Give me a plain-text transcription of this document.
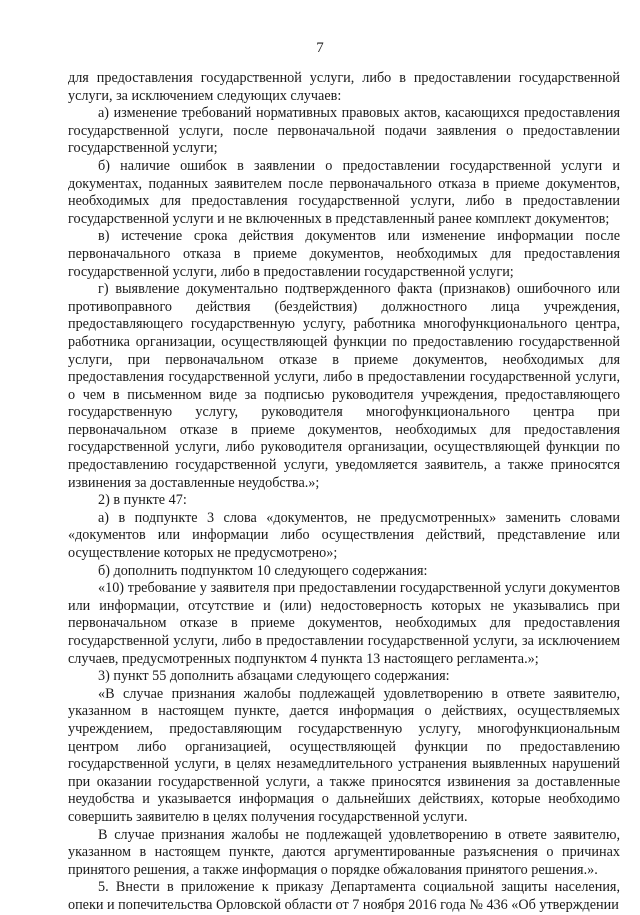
7

для предоставления государственной услуги, либо в предоставлении государственной услуги, за исключением следующих случаев:

а) изменение требований нормативных правовых актов, касающихся предоставления государственной услуги, после первоначальной подачи заявления о предоставлении государственной услуги;

б) наличие ошибок в заявлении о предоставлении государственной услуги и документах, поданных заявителем после первоначального отказа в приеме документов, необходимых для предоставления государственной услуги, либо в предоставлении государственной услуги и не включенных в представленный ранее комплект документов;

в) истечение срока действия документов или изменение информации после первоначального отказа в приеме документов, необходимых для предоставления государственной услуги, либо в предоставлении государственной услуги;

г) выявление документально подтвержденного факта (признаков) ошибочного или противоправного действия (бездействия) должностного лица учреждения, предоставляющего государственную услугу, работника многофункционального центра, работника организации, осуществляющей функции по предоставлению государственной услуги, при первоначальном отказе в приеме документов, необходимых для предоставления государственной услуги, либо в предоставлении государственной услуги, о чем в письменном виде за подписью руководителя учреждения, предоставляющего государственную услугу, руководителя многофункционального центра при первоначальном отказе в приеме документов, необходимых для предоставления государственной услуги, либо руководителя организации, осуществляющей функции по предоставлению государственной услуги, уведомляется заявитель, а также приносятся извинения за доставленные неудобства.»;

2) в пункте 47:

а) в подпункте 3 слова «документов, не предусмотренных» заменить словами «документов или информации либо осуществления действий, представление или осуществление которых не предусмотрено»;

б) дополнить подпунктом 10 следующего содержания:

«10) требование у заявителя при предоставлении государственной услуги документов или информации, отсутствие и (или) недостоверность которых не указывались при первоначальном отказе в приеме документов, необходимых для предоставления государственной услуги, либо в предоставлении государственной услуги, за исключением случаев, предусмотренных подпунктом 4 пункта 13 настоящего регламента.»;

3) пункт 55 дополнить абзацами следующего содержания:

«В случае признания жалобы подлежащей удовлетворению в ответе заявителю, указанном в настоящем пункте, дается информация о действиях, осуществляемых учреждением, предоставляющим государственную услугу, многофункциональным центром либо организацией, осуществляющей функции по предоставлению государственной услуги, в целях незамедлительного устранения выявленных нарушений при оказании государственной услуги, а также приносятся извинения за доставленные неудобства и указывается информация о дальнейших действиях, которые необходимо совершить заявителю в целях получения государственной услуги.

В случае признания жалобы не подлежащей удовлетворению в ответе заявителю, указанном в настоящем пункте, даются аргументированные разъяснения о причинах принятого решения, а также информация о порядке обжалования принятого решения.».

5. Внести в приложение к приказу Департамента социальной защиты населения, опеки и попечительства Орловской области от 7 ноября 2016 года № 436 «Об утверждении
